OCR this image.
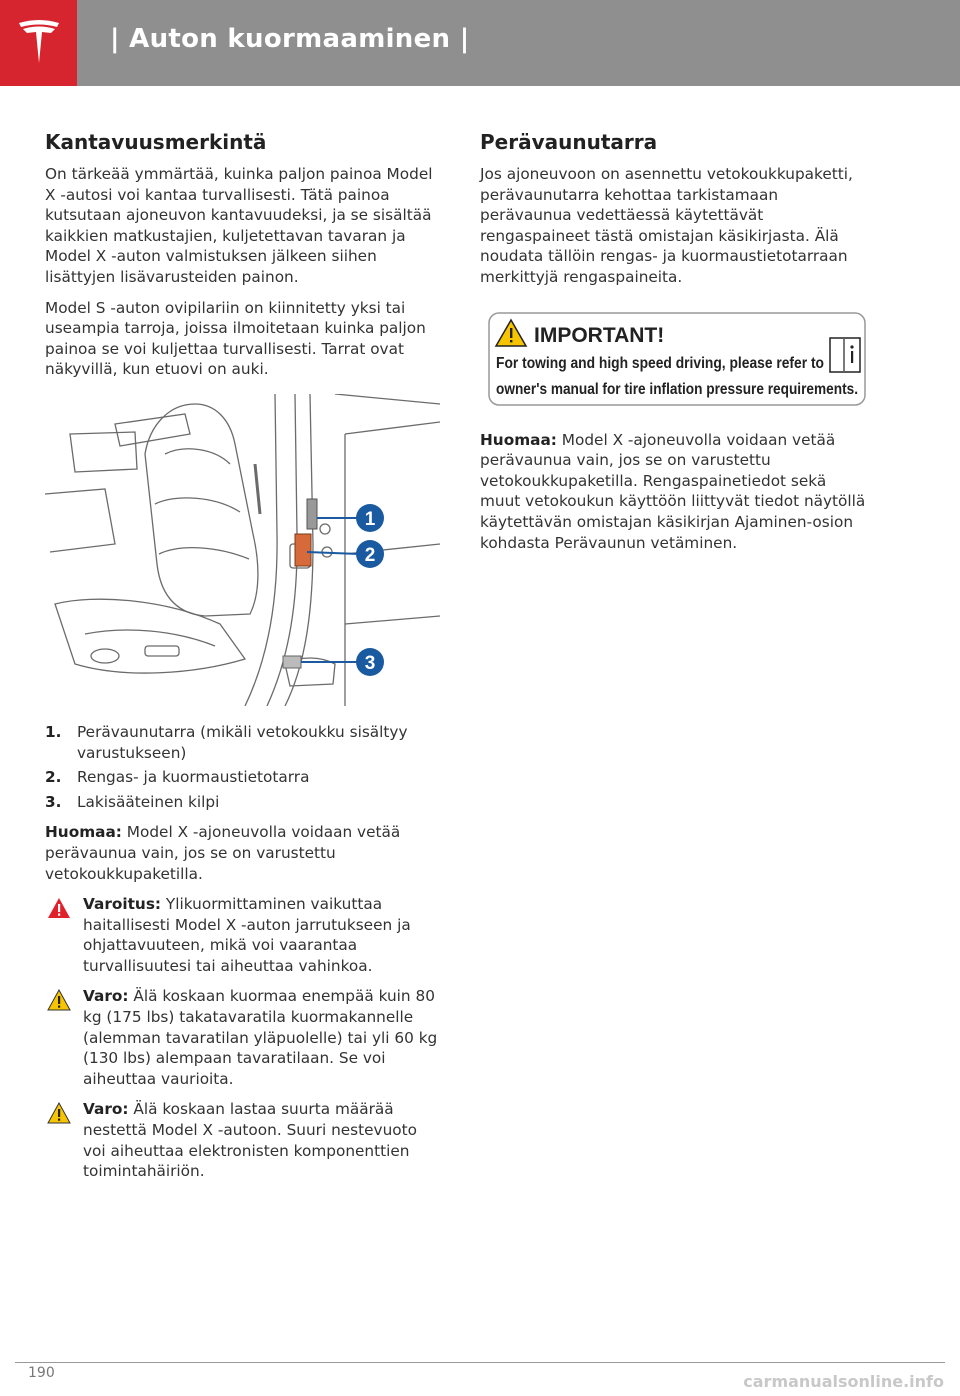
| Auton kuormaaminen |
Kantavuusmerkintä

On tärkeää ymmärtää, kuinka paljon painoa Model X -autosi voi kantaa turvallisesti. Tätä painoa kutsutaan ajoneuvon kantavuudeksi, ja se sisältää kaikkien matkustajien, kuljetettavan tavaran ja Model X -auton valmistuksen jälkeen siihen lisättyjen lisävarusteiden painon.

Model S -auton ovipilariin on kiinnitetty yksi tai useampia tarroja, joissa ilmoitetaan kuinka paljon painoa se voi kuljettaa turvallisesti. Tarrat ovat näkyvillä, kun etuovi on auki.

1
2
3
1. Perävaunutarra (mikäli vetokoukku sisältyy varustukseen)
2. Rengas- ja kuormaustietotarra
3. Lakisääteinen kilpi

Huomaa: Model X -ajoneuvolla voidaan vetää perävaunua vain, jos se on varustettu vetokoukkupaketilla.

Varoitus: Ylikuormittaminen vaikuttaa haitallisesti Model X -auton jarrutukseen ja ohjattavuuteen, mikä voi vaarantaa turvallisuutesi tai aiheuttaa vahinkoa.

Varo: Älä koskaan kuormaa enempää kuin 80 kg (175 lbs) takatavaratila kuormakannelle (alemman tavaratilan yläpuolelle) tai yli 60 kg (130 lbs) alempaan tavaratilaan. Se voi aiheuttaa vaurioita.

Varo: Älä koskaan lastaa suurta määrää nestettä Model X -autoon. Suuri nestevuoto voi aiheuttaa elektronisten komponenttien toimintahäiriön.

Perävaunutarra

Jos ajoneuvoon on asennettu vetokoukkupaketti, perävaunutarra kehottaa tarkistamaan perävaunua vedettäessä käytettävät rengaspaineet tästä omistajan käsikirjasta. Älä noudata tällöin rengas- ja kuormaustietotarraan merkittyjä rengaspaineita.

IMPORTANT!
For towing and high speed driving, please refer to
owner's manual for tire inflation pressure requirements.

Huomaa: Model X -ajoneuvolla voidaan vetää perävaunua vain, jos se on varustettu vetokoukkupaketilla. Rengaspainetiedot sekä muut vetokoukun käyttöön liittyvät tiedot näytöllä käytettävän omistajan käsikirjan Ajaminen-osion kohdasta Perävaunun vetäminen.

190	carmanualsonline.info
